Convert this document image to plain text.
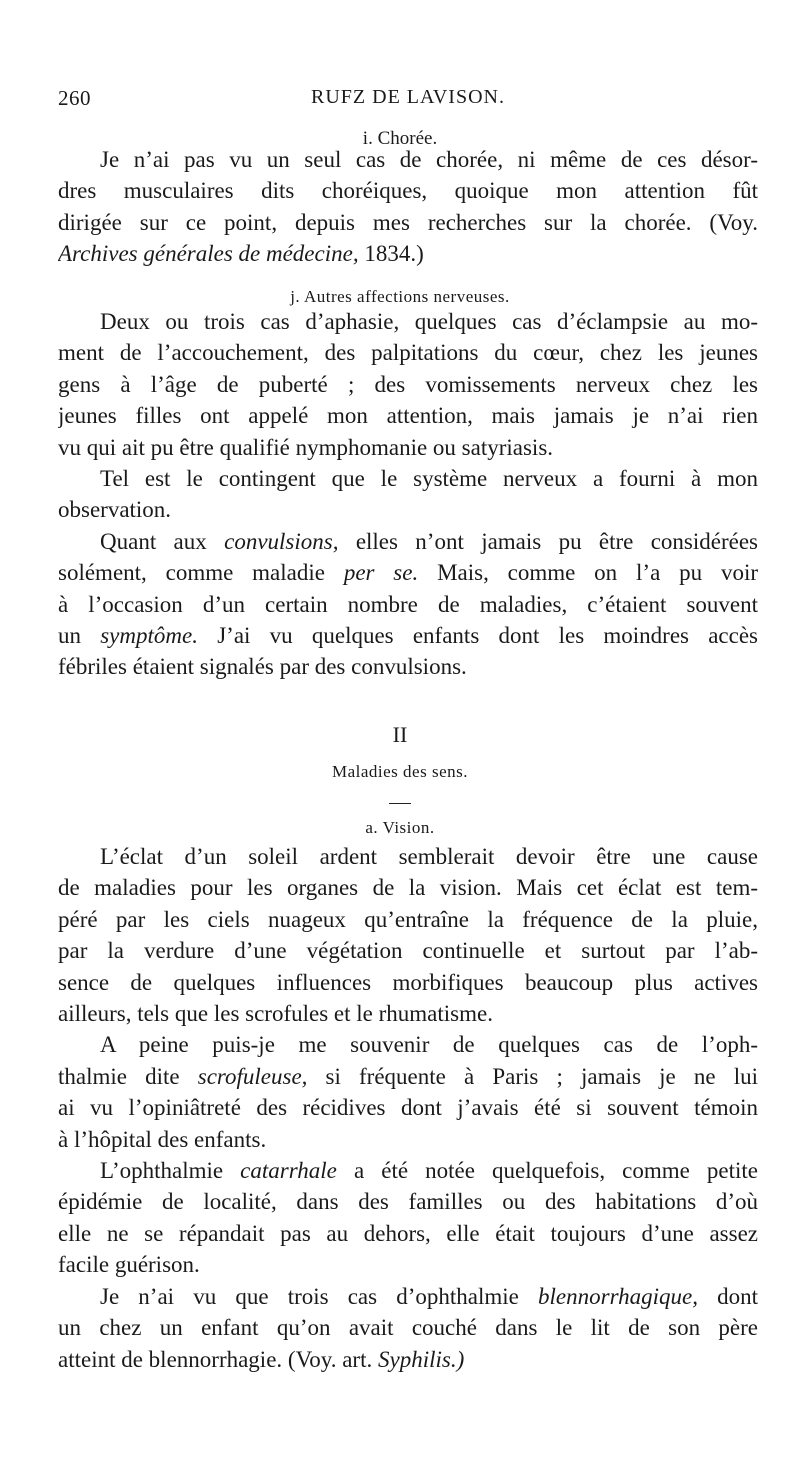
260	RUFZ DE LAVISON.
i. Chorée.
Je n’ai pas vu un seul cas de chorée, ni même de ces désor-
dres musculaires dits choréiques, quoique mon attention fût
dirigée sur ce point, depuis mes recherches sur la chorée. (Voy.
Archives générales de médecine, 1834.)
j. Autres affections nerveuses.
Deux ou trois cas d’aphasie, quelques cas d’éclampsie au mo-
ment de l’accouchement, des palpitations du cœur, chez les jeunes
gens à l’âge de puberté ; des vomissements nerveux chez les
jeunes filles ont appelé mon attention, mais jamais je n’ai rien
vu qui ait pu être qualifié nymphomanie ou satyriasis.
Tel est le contingent que le système nerveux a fourni à mon
observation.
Quant aux convulsions, elles n’ont jamais pu être considérées
solément, comme maladie per se. Mais, comme on l’a pu voir
à l’occasion d’un certain nombre de maladies, c’étaient souvent
un symptôme. J’ai vu quelques enfants dont les moindres accès
fébriles étaient signalés par des convulsions.
II
Maladies des sens.
a. Vision.
L’éclat d’un soleil ardent semblerait devoir être une cause
de maladies pour les organes de la vision. Mais cet éclat est tem-
péré par les ciels nuageux qu’entraîne la fréquence de la pluie,
par la verdure d’une végétation continuelle et surtout par l’ab-
sence de quelques influences morbifiques beaucoup plus actives
ailleurs, tels que les scrofules et le rhumatisme.
A peine puis-je me souvenir de quelques cas de l’oph-
thalmie dite scrofuleuse, si fréquente à Paris ; jamais je ne lui
ai vu l’opiniâtreté des récidives dont j’avais été si souvent témoin
à l’hôpital des enfants.
L’ophthalmie catarrhale a été notée quelquefois, comme petite
épidémie de localité, dans des familles ou des habitations d’où
elle ne se répandait pas au dehors, elle était toujours d’une assez
facile guérison.
Je n’ai vu que trois cas d’ophthalmie blennorrhagique, dont
un chez un enfant qu’on avait couché dans le lit de son père
atteint de blennorrhagie. (Voy. art. Syphilis.)
